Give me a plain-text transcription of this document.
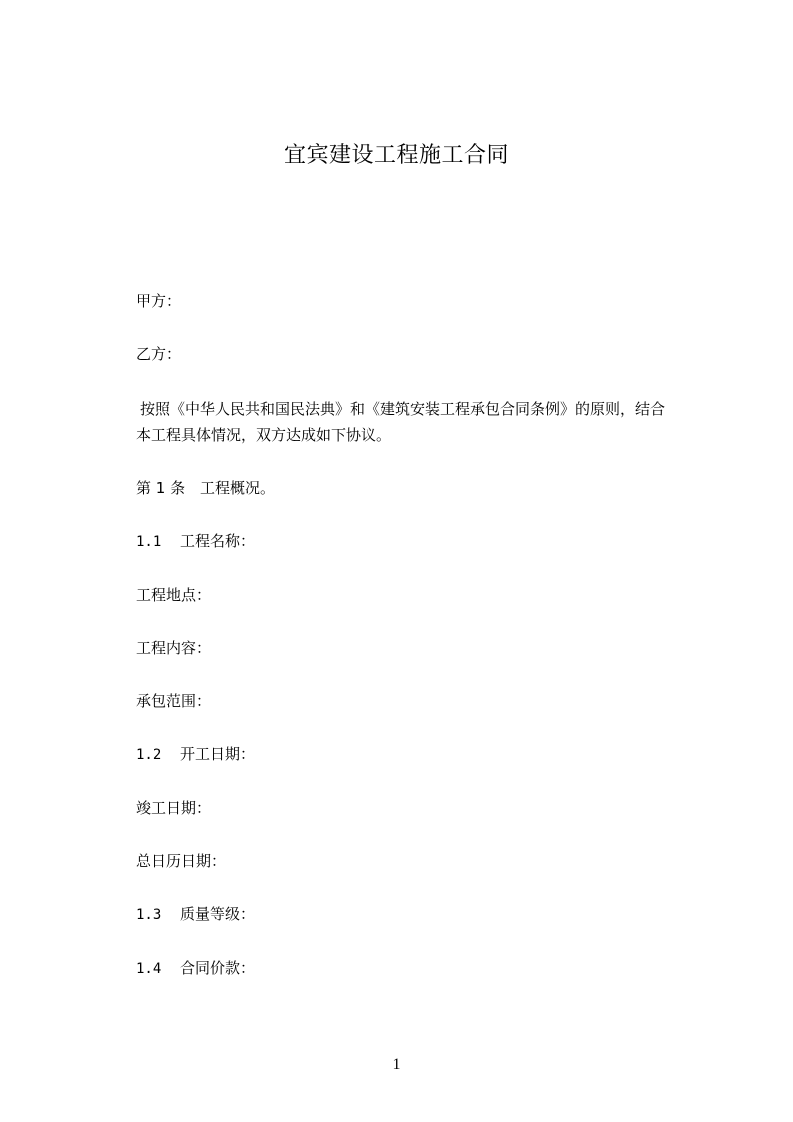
宜宾建设工程施工合同
甲方：
乙方：
按照《中华人民共和国民法典》和《建筑安装工程承包合同条例》的原则，结合
本工程具体情况，双方达成如下协议。
第 1 条 工程概况。
1.1 工程名称：
工程地点：
工程内容：
承包范围：
1.2 开工日期：
竣工日期：
总日历日期：
1.3 质量等级：
1.4 合同价款：
1
